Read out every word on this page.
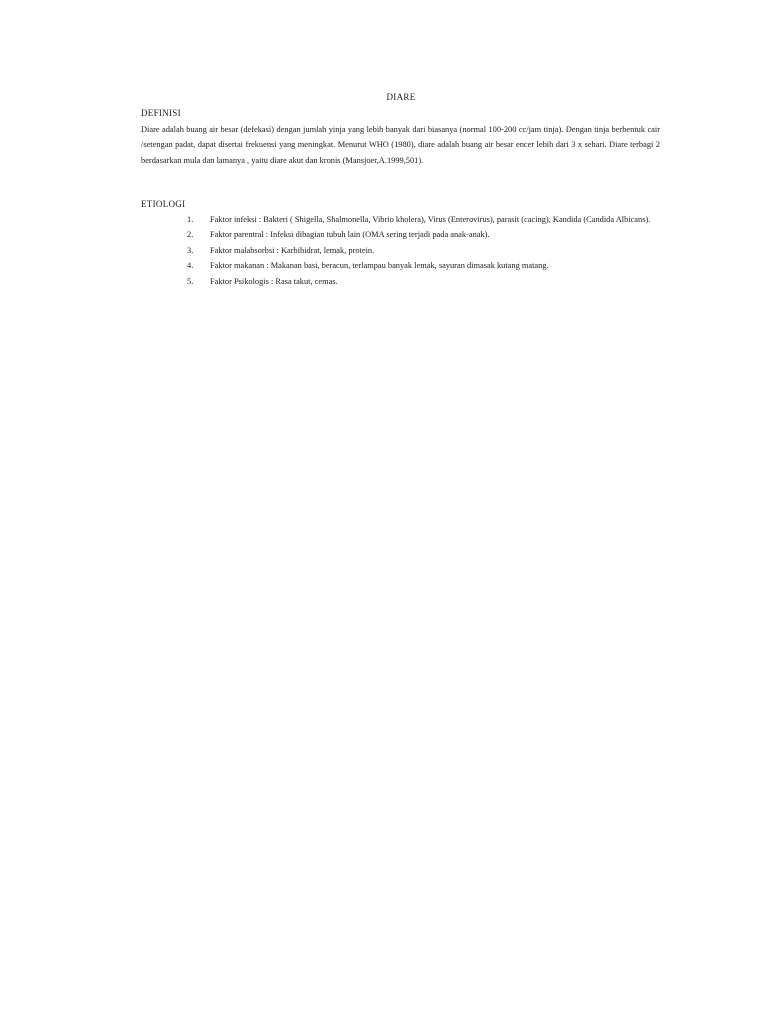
DIARE
DEFINISI
Diare adalah buang air besar (defekasi) dengan jumlah yinja yang lebih banyak dari biasanya (normal 100-200 cc/jam tinja). Dengan tinja berbentuk cair /setengan padat, dapat disertai frekuensi yang meningkat. Menurut WHO (1980), diare adalah buang air besar encer lebih dari 3 x sehari. Diare terbagi 2 berdasarkan mula dan lamanya , yaitu diare akut dan kronis (Mansjoer,A.1999,501).
ETIOLOGI
1. Faktor infeksi : Bakteri ( Shigella, Shalmonella, Vibrio kholera), Virus (Enterovirus), parasit (cacing), Kandida (Candida Albicans).
2. Faktor parentral : Infeksi dibagian tubuh lain (OMA sering terjadi pada anak-anak).
3. Faktor malabsorbsi : Karbihidrat, lemak, protein.
4. Faktor makanan : Makanan basi, beracun, terlampau banyak lemak, sayuran dimasak kutang matang.
5. Faktor Psikologis : Rasa takut, cemas.
